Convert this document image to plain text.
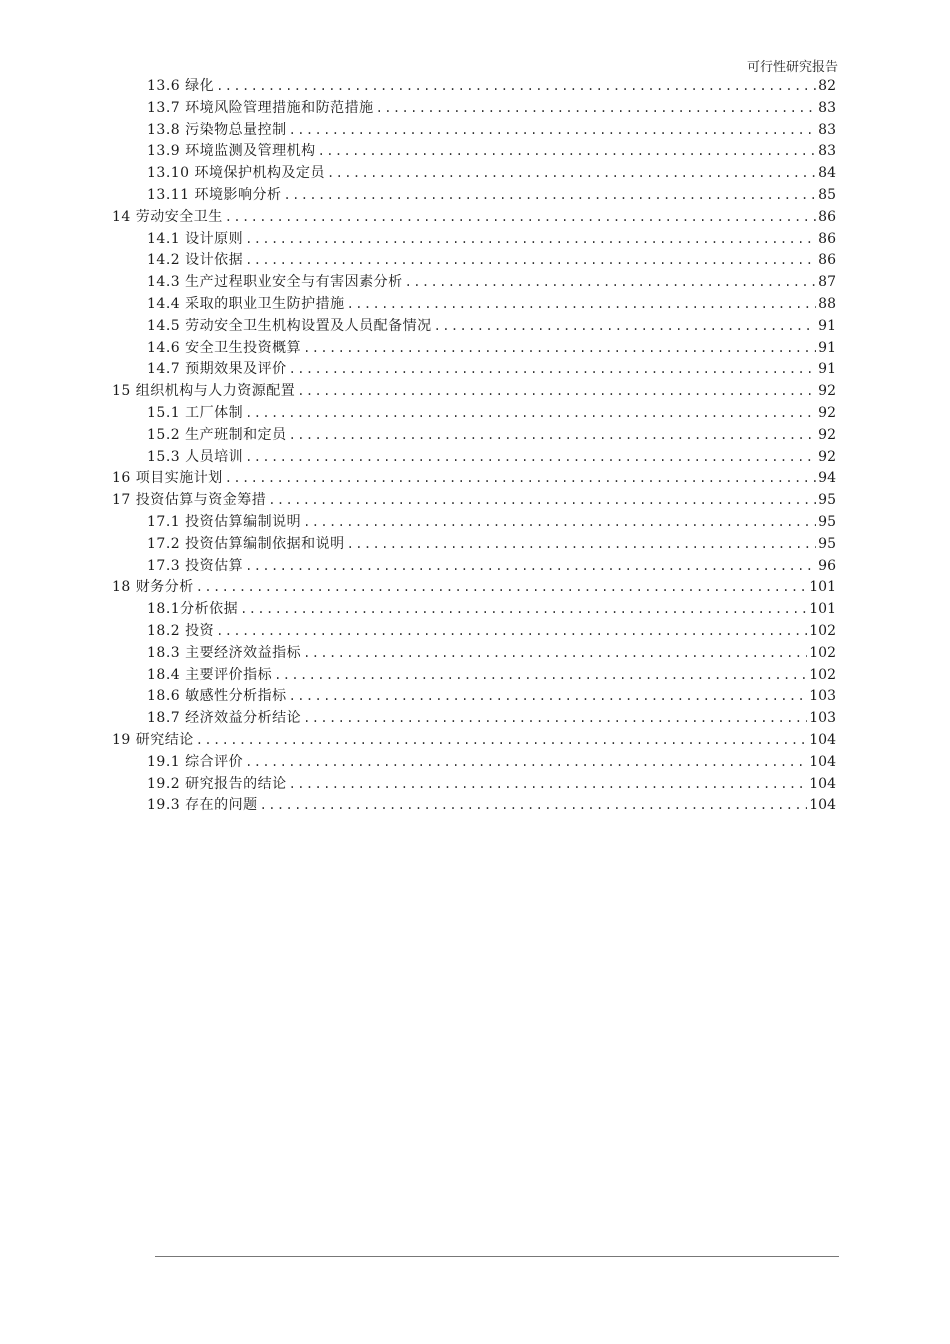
可行性研究报告
13.6 绿化 .....	82
13.7 环境风险管理措施和防范措施 .....	83
13.8 污染物总量控制 .....	83
13.9 环境监测及管理机构 .....	83
13.10 环境保护机构及定员 .....	84
13.11 环境影响分析 .....	85
14 劳动安全卫生 .....	86
14.1 设计原则 .....	86
14.2 设计依据 .....	86
14.3 生产过程职业安全与有害因素分析 .....	87
14.4 采取的职业卫生防护措施 .....	88
14.5 劳动安全卫生机构设置及人员配备情况 .....	91
14.6 安全卫生投资概算 .....	91
14.7 预期效果及评价 .....	91
15 组织机构与人力资源配置 .....	92
15.1 工厂体制 .....	92
15.2 生产班制和定员 .....	92
15.3 人员培训 .....	92
16 项目实施计划 .....	94
17 投资估算与资金筹措 .....	95
17.1 投资估算编制说明 .....	95
17.2 投资估算编制依据和说明 .....	95
17.3 投资估算 .....	96
18 财务分析 .....	101
18.1分析依据 .....	101
18.2 投资 .....	102
18.3 主要经济效益指标 .....	102
18.4 主要评价指标 .....	102
18.6 敏感性分析指标 .....	103
18.7 经济效益分析结论 .....	103
19 研究结论 .....	104
19.1 综合评价 .....	104
19.2 研究报告的结论 .....	104
19.3 存在的问题 .....	104
